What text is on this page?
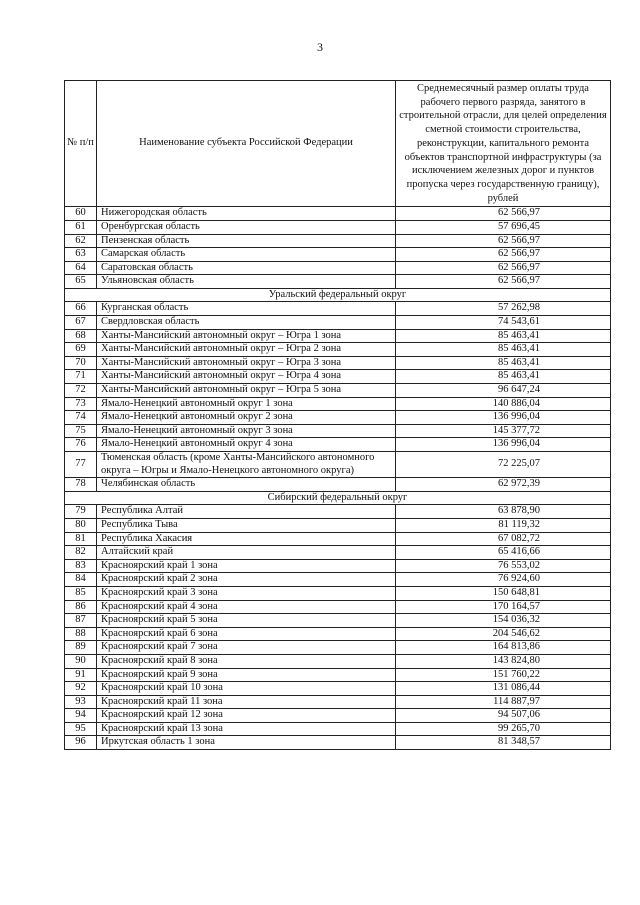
3
№ п/п	Наименование субъекта Российской Федерации	Среднемесячный размер оплаты труда рабочего первого разряда, занятого в строительной отрасли, для целей определения сметной стоимости строительства, реконструкции, капитального ремонта объектов транспортной инфраструктуры (за исключением железных дорог и пунктов пропуска через государственную границу), рублей
60	Нижегородская область	62 566,97
61	Оренбургская область	57 696,45
62	Пензенская область	62 566,97
63	Самарская область	62 566,97
64	Саратовская область	62 566,97
65	Ульяновская область	62 566,97
Уральский федеральный округ		
66	Курганская область	57 262,98
67	Свердловская область	74 543,61
68	Ханты-Мансийский автономный округ – Югра 1 зона	85 463,41
69	Ханты-Мансийский автономный округ – Югра 2 зона	85 463,41
70	Ханты-Мансийский автономный округ – Югра 3 зона	85 463,41
71	Ханты-Мансийский автономный округ – Югра 4 зона	85 463,41
72	Ханты-Мансийский автономный округ – Югра 5 зона	96 647,24
73	Ямало-Ненецкий автономный округ 1 зона	140 886,04
74	Ямало-Ненецкий автономный округ 2 зона	136 996,04
75	Ямало-Ненецкий автономный округ 3 зона	145 377,72
76	Ямало-Ненецкий автономный округ 4 зона	136 996,04
77	Тюменская область (кроме Ханты-Мансийского автономного округа – Югры и Ямало-Ненецкого автономного округа)	72 225,07
78	Челябинская область	62 972,39
Сибирский федеральный округ		
79	Республика Алтай	63 878,90
80	Республика Тыва	81 119,32
81	Республика Хакасия	67 082,72
82	Алтайский край	65 416,66
83	Красноярский край 1 зона	76 553,02
84	Красноярский край 2 зона	76 924,60
85	Красноярский край 3 зона	150 648,81
86	Красноярский край 4 зона	170 164,57
87	Красноярский край 5 зона	154 036,32
88	Красноярский край 6 зона	204 546,62
89	Красноярский край 7 зона	164 813,86
90	Красноярский край 8 зона	143 824,80
91	Красноярский край 9 зона	151 760,22
92	Красноярский край 10 зона	131 086,44
93	Красноярский край 11 зона	114 887,97
94	Красноярский край 12 зона	94 507,06
95	Красноярский край 13 зона	99 265,70
96	Иркутская область 1 зона	81 348,57
